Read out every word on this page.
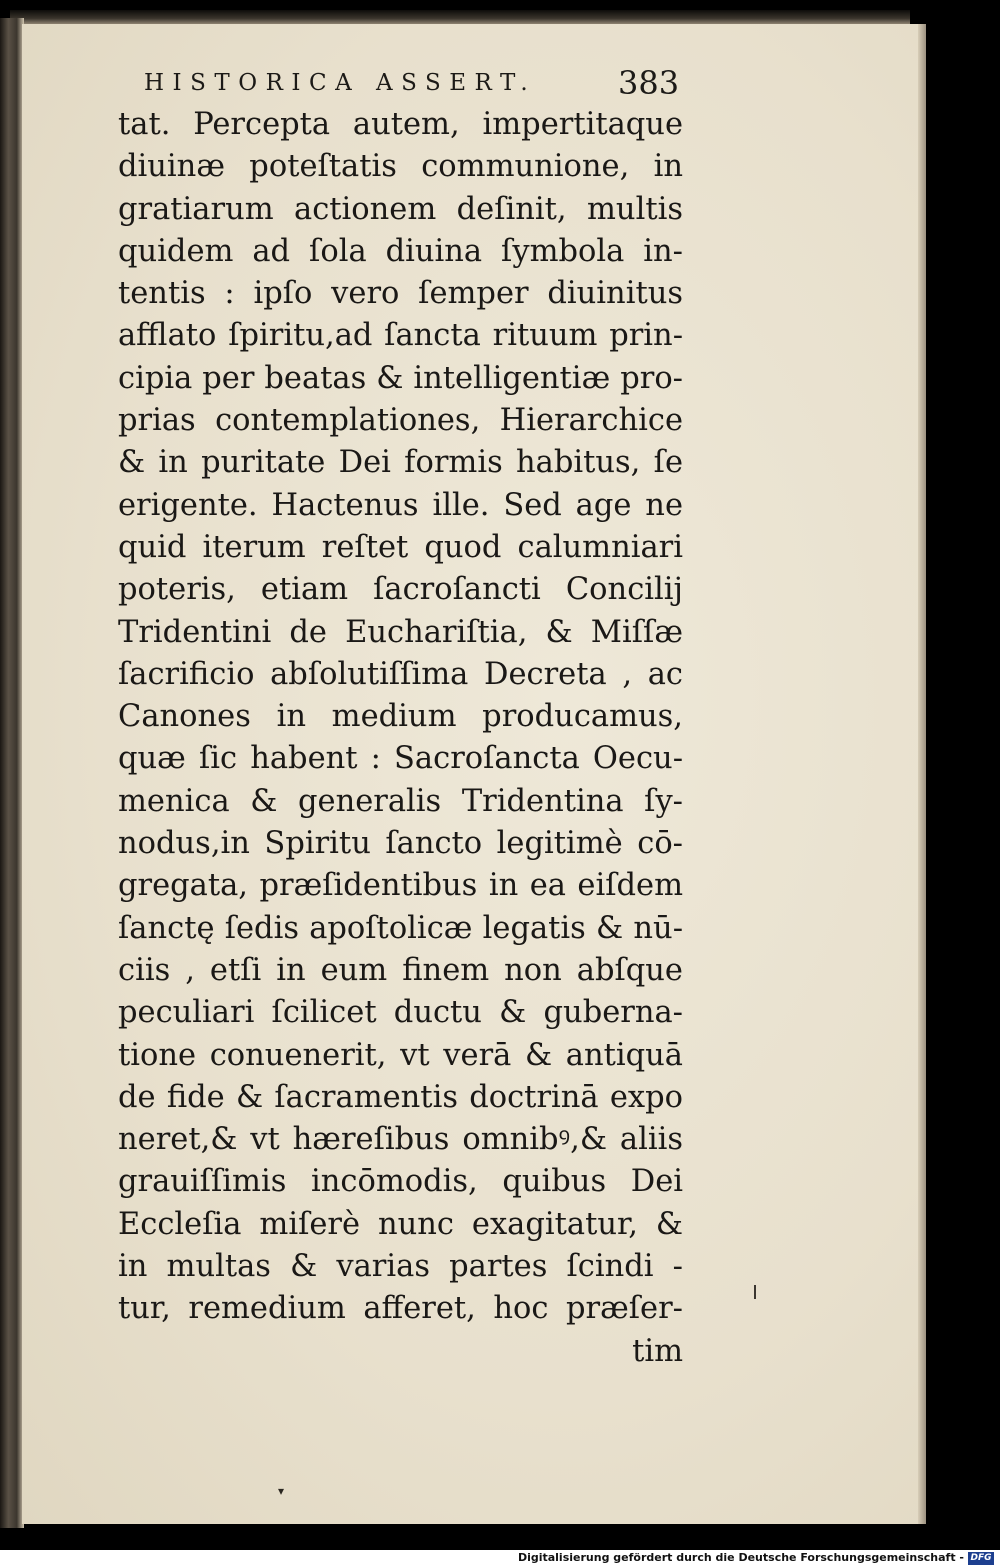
HISTORICA ASSERT.	383
tat. Percepta autem, impertitaque
diuinæ poteſtatis communione, in
gratiarum actionem deſinit, multis
quidem ad ſola diuina ſymbola in-
tentis : ipſo vero ſemper diuinitus
afflato ſpiritu,ad ſancta rituum prin-
cipia per beatas & intelligentiæ pro-
prias contemplationes, Hierarchice
& in puritate Dei formis habitus, ſe
erigente. Hactenus ille. Sed age ne
quid iterum reſtet quod calumniari
poteris, etiam ſacroſancti Concilij
Tridentini de Euchariſtia, & Miſſæ
ſacrificio abſolutiſſima Decreta , ac
Canones in medium producamus,
quæ ſic habent : Sacroſancta Oecu-
menica & generalis Tridentina ſy-
nodus,in Spiritu ſancto legitimè cō-
gregata, præſidentibus in ea eiſdem
ſanctę ſedis apoſtolicæ legatis & nū-
ciis , etſi in eum finem non abſque
peculiari ſcilicet ductu & guberna-
tione conuenerit, vt verā & antiquā
de fide & ſacramentis doctrinā expo
neret,& vt hæreſibus omnibꝰ,& aliis
grauiſſimis incōmodis, quibus Dei
Eccleſia miſerè nunc exagitatur, &
in multas & varias partes ſcindi -
tur, remedium afferet, hoc præſer-
tim
▾
Digitalisierung gefördert durch die Deutsche Forschungsgemeinschaft - DFG
